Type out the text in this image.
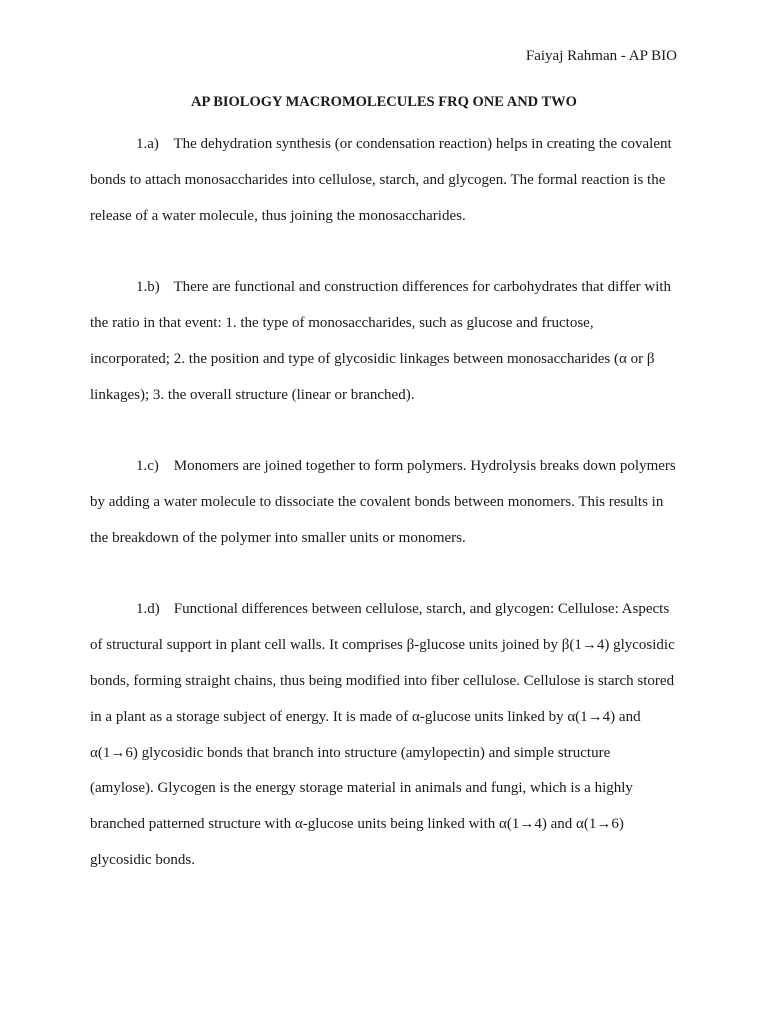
Faiyaj Rahman - AP BIO
AP BIOLOGY MACROMOLECULES FRQ ONE AND TWO
1.a) The dehydration synthesis (or condensation reaction) helps in creating the covalent
bonds to attach monosaccharides into cellulose, starch, and glycogen. The formal reaction is the
release of a water molecule, thus joining the monosaccharides.
1.b) There are functional and construction differences for carbohydrates that differ with
the ratio in that event: 1. the type of monosaccharides, such as glucose and fructose,
incorporated; 2. the position and type of glycosidic linkages between monosaccharides (α or β
linkages); 3. the overall structure (linear or branched).
1.c) Monomers are joined together to form polymers. Hydrolysis breaks down polymers
by adding a water molecule to dissociate the covalent bonds between monomers. This results in
the breakdown of the polymer into smaller units or monomers.
1.d) Functional differences between cellulose, starch, and glycogen: Cellulose: Aspects
of structural support in plant cell walls. It comprises β-glucose units joined by β(1→4) glycosidic
bonds, forming straight chains, thus being modified into fiber cellulose. Cellulose is starch stored
in a plant as a storage subject of energy. It is made of α-glucose units linked by α(1→4) and
α(1→6) glycosidic bonds that branch into structure (amylopectin) and simple structure
(amylose). Glycogen is the energy storage material in animals and fungi, which is a highly
branched patterned structure with α-glucose units being linked with α(1→4) and α(1→6)
glycosidic bonds.
